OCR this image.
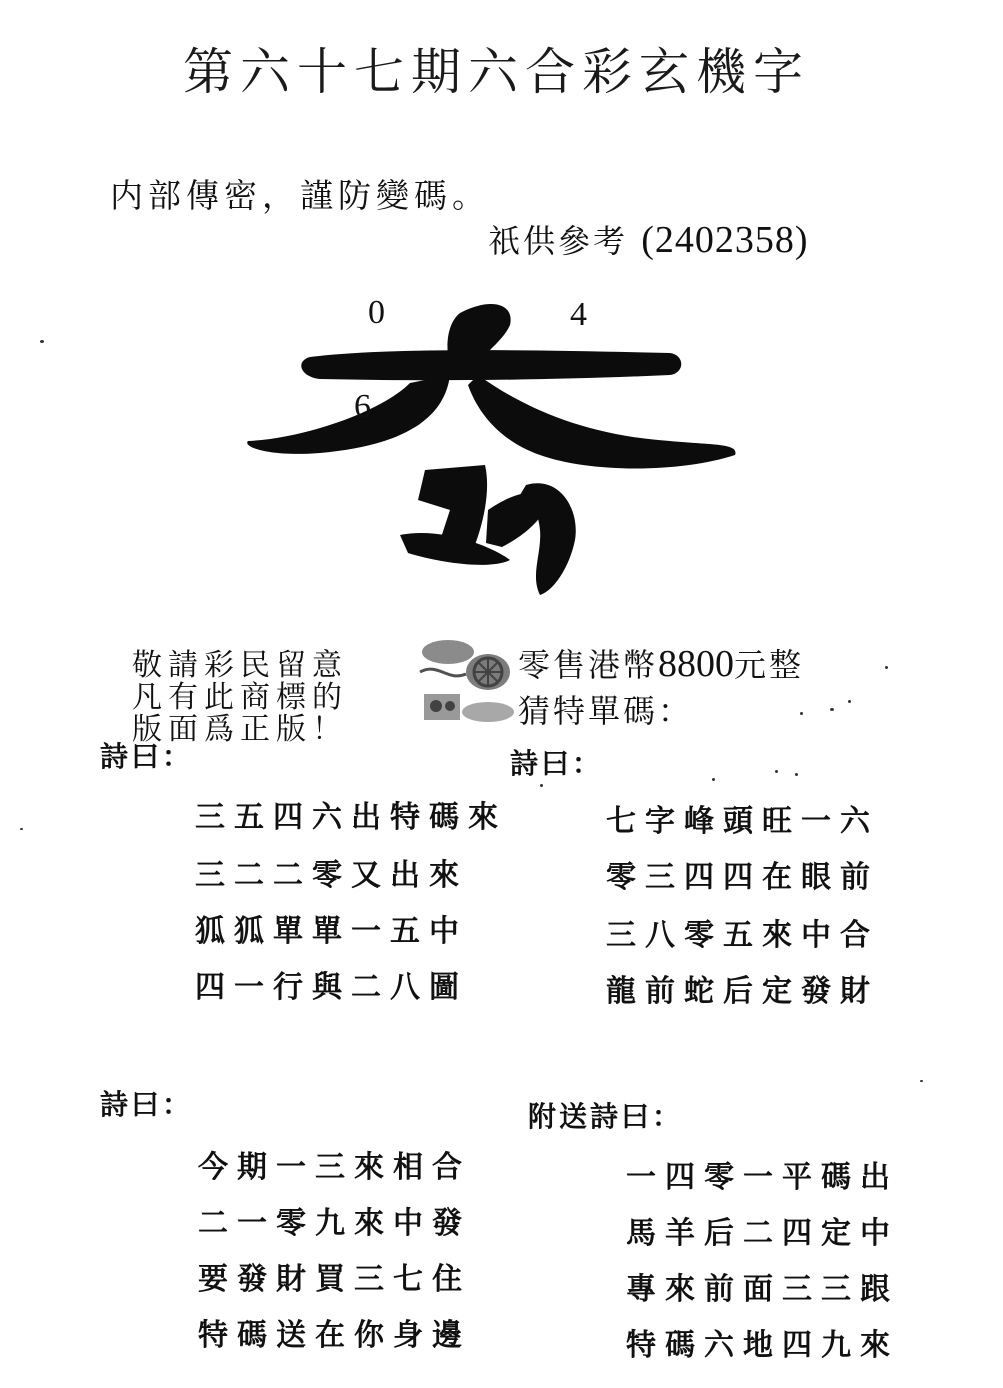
第六十七期六合彩玄機字
内部傳密，謹防變碼。
祇供參考 (2402358)
0	4
6	8
敬請彩民留意
凡有此商標的
版面爲正版！
零售港幣8800元整
猜特單碼：
詩曰：
三五四六出特碼來
三二二零又出來
狐狐單單一五中
四一行與二八圖
詩曰：
七字峰頭旺一六
零三四四在眼前
三八零五來中合
龍前蛇后定發財
詩曰：
今期一三來相合
二一零九來中發
要發財買三七住
特碼送在你身邊
附送詩曰：
一四零一平碼出
馬羊后二四定中
專來前面三三跟
特碼六地四九來
